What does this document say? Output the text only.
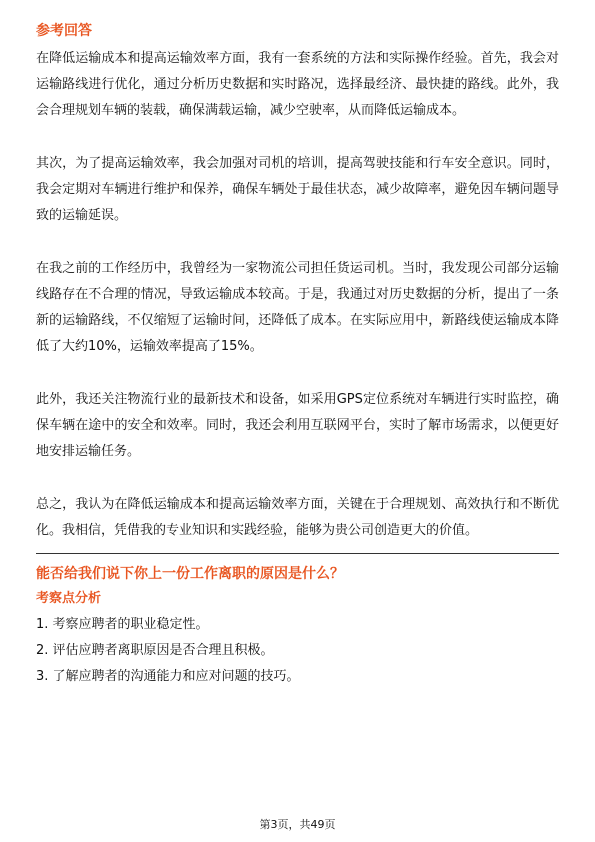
参考回答

在降低运输成本和提高运输效率方面，我有一套系统的方法和实际操作经验。首先，我会对运输路线进行优化，通过分析历史数据和实时路况，选择最经济、最快捷的路线。此外，我会合理规划车辆的装载，确保满载运输，减少空驶率，从而降低运输成本。

其次，为了提高运输效率，我会加强对司机的培训，提高驾驶技能和行车安全意识。同时，我会定期对车辆进行维护和保养，确保车辆处于最佳状态，减少故障率，避免因车辆问题导致的运输延误。

在我之前的工作经历中，我曾经为一家物流公司担任货运司机。当时，我发现公司部分运输线路存在不合理的情况，导致运输成本较高。于是，我通过对历史数据的分析，提出了一条新的运输路线，不仅缩短了运输时间，还降低了成本。在实际应用中，新路线使运输成本降低了大约10%，运输效率提高了15%。

此外，我还关注物流行业的最新技术和设备，如采用GPS定位系统对车辆进行实时监控，确保车辆在途中的安全和效率。同时，我还会利用互联网平台，实时了解市场需求，以便更好地安排运输任务。

总之，我认为在降低运输成本和提高运输效率方面，关键在于合理规划、高效执行和不断优化。我相信，凭借我的专业知识和实践经验，能够为贵公司创造更大的价值。

能否给我们说下你上一份工作离职的原因是什么？
考察点分析
1. 考察应聘者的职业稳定性。
2. 评估应聘者离职原因是否合理且积极。
3. 了解应聘者的沟通能力和应对问题的技巧。
第3页，共49页
